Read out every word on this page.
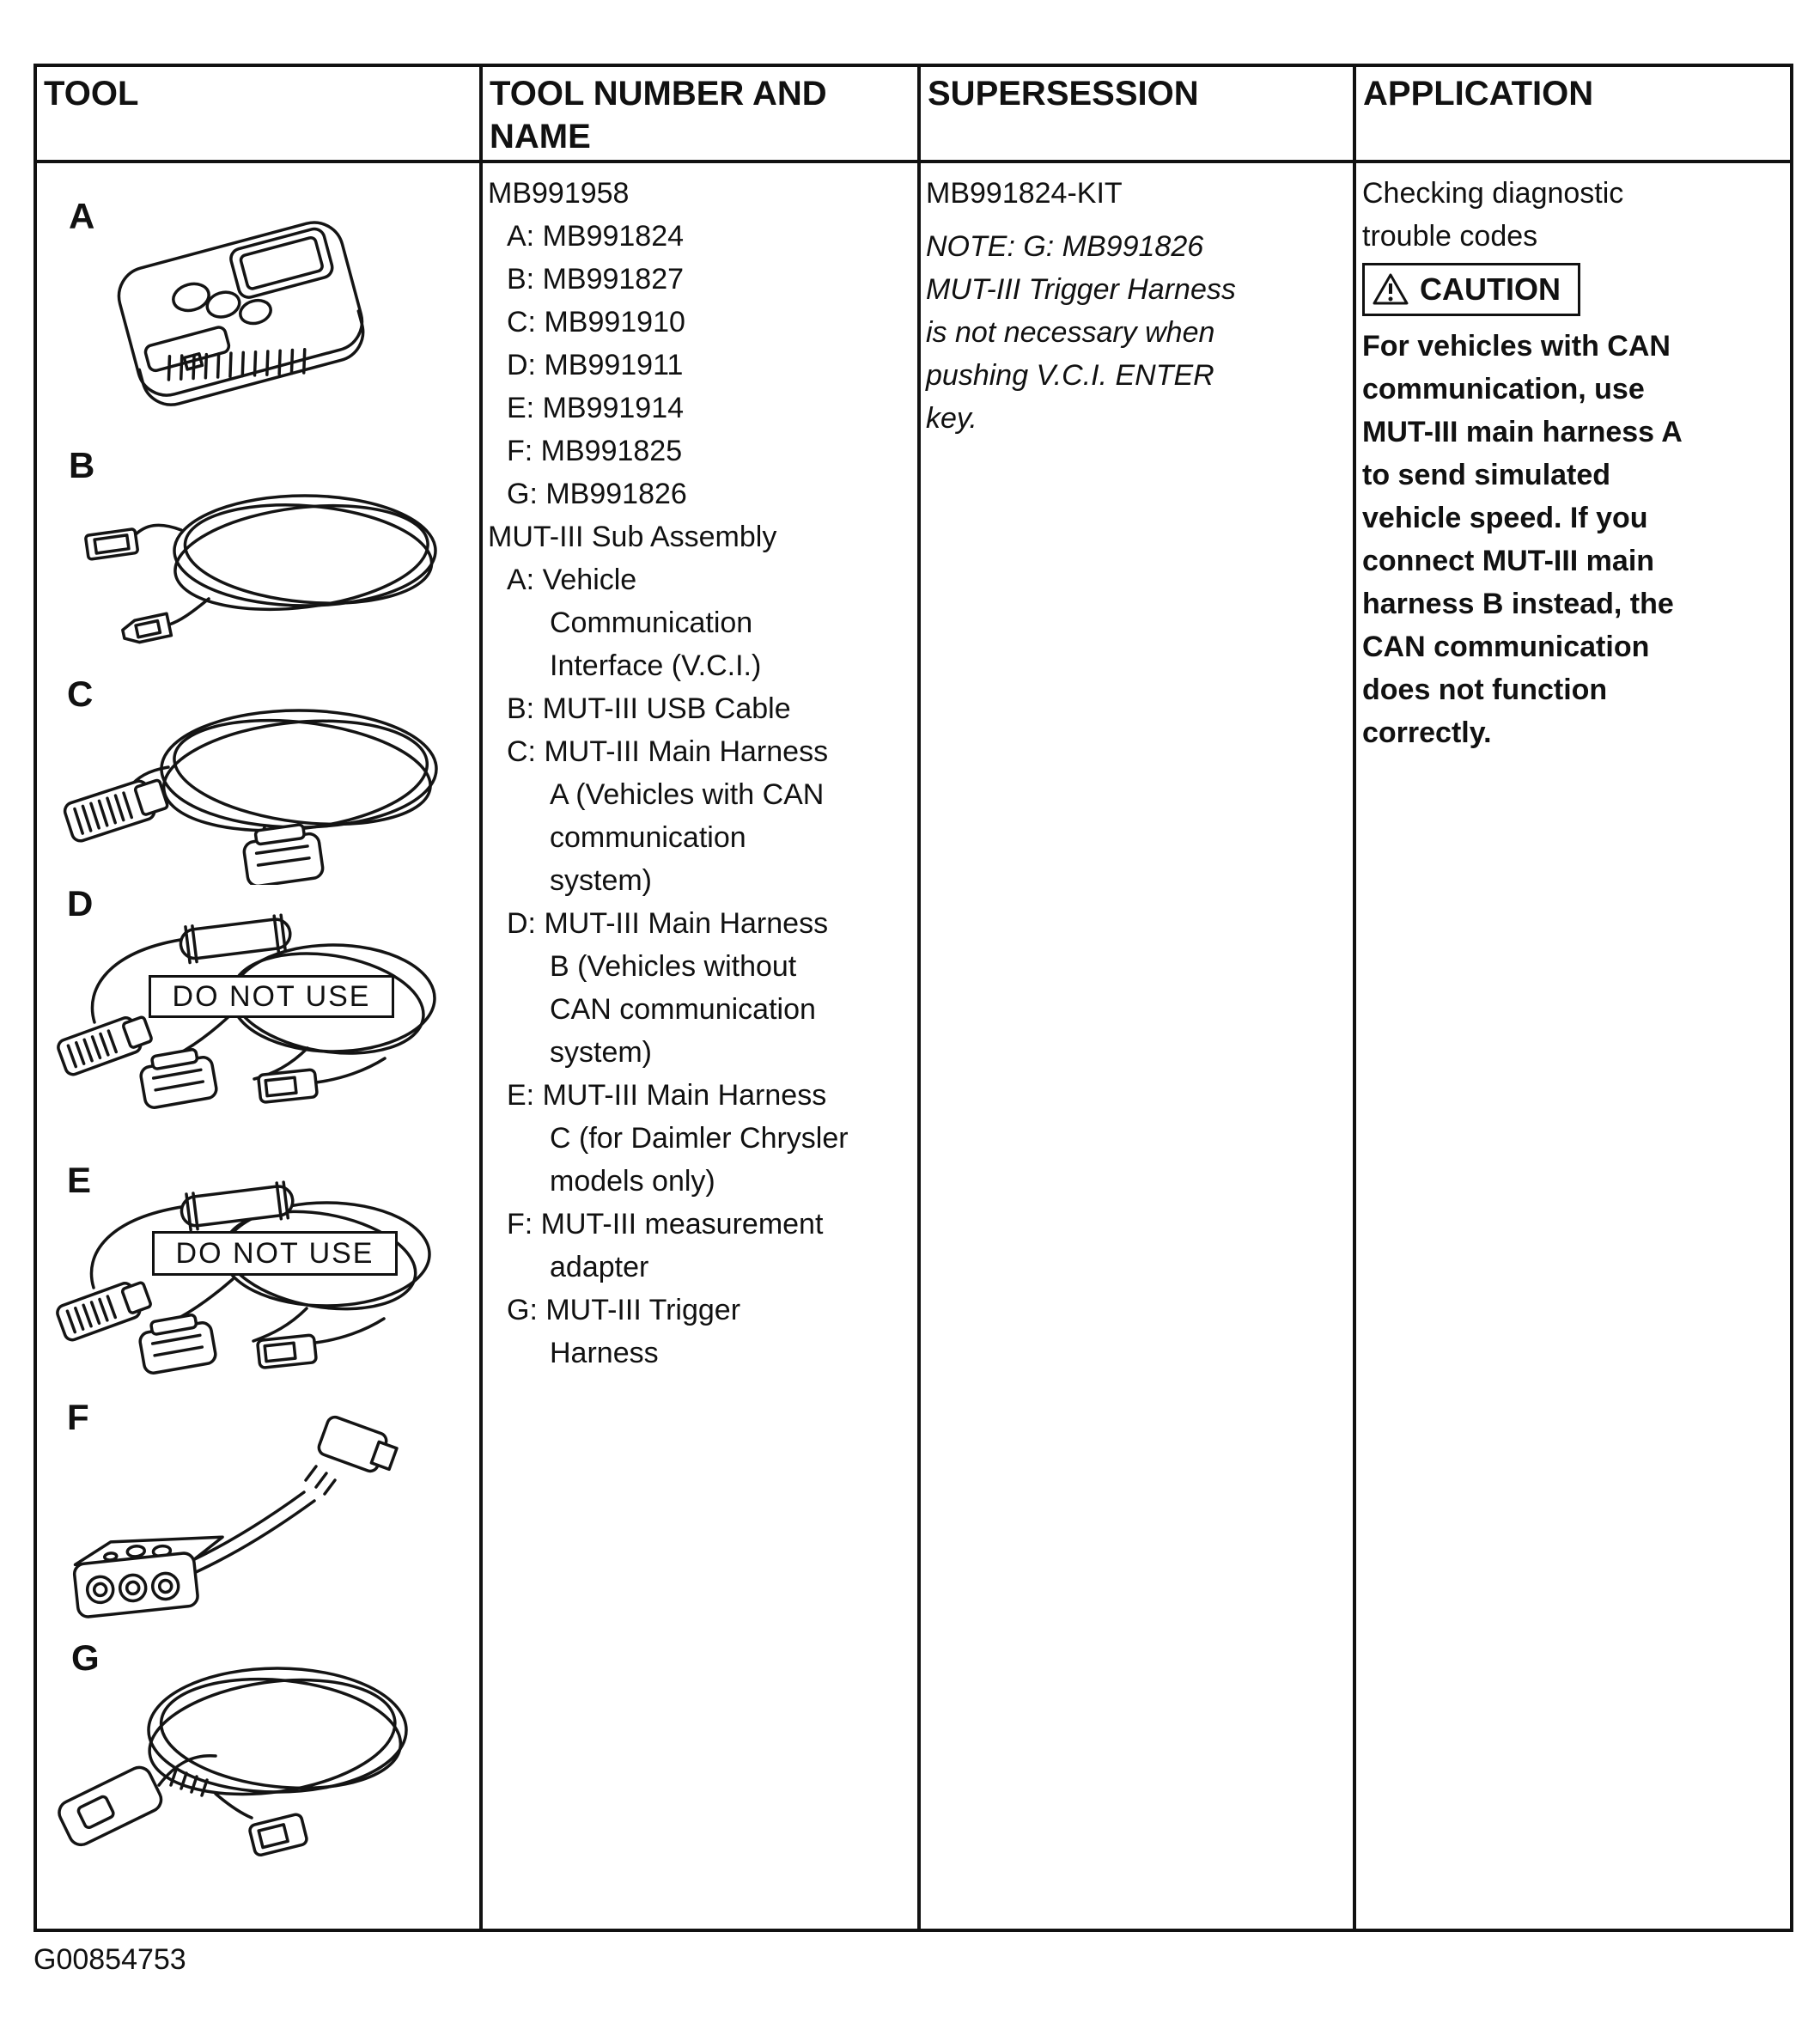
TOOL	TOOL NUMBER AND
NAME
SUPERSESSION	APPLICATION
A
B
C
D
DO NOT USE
E
DO NOT USE
F
G
MB991958
A: MB991824
B: MB991827
C: MB991910
D: MB991911
E: MB991914
F: MB991825
G: MB991826
MUT-III Sub Assembly
A: Vehicle
Communication
Interface (V.C.I.)
B: MUT-III USB Cable
C: MUT-III Main Harness
A (Vehicles with CAN
communication
system)
D: MUT-III Main Harness
B (Vehicles without
CAN communication
system)
E: MUT-III Main Harness
C (for Daimler Chrysler
models only)
F: MUT-III measurement
adapter
G: MUT-III Trigger
Harness
MB991824-KIT
NOTE: G: MB991826
MUT-III Trigger Harness
is not necessary when
pushing V.C.I. ENTER
key.
Checking diagnostic
trouble codes
CAUTION
For vehicles with CAN
communication, use
MUT-III main harness A
to send simulated
vehicle speed. If you
connect MUT-III main
harness B instead, the
CAN communication
does not function
correctly.
G00854753
